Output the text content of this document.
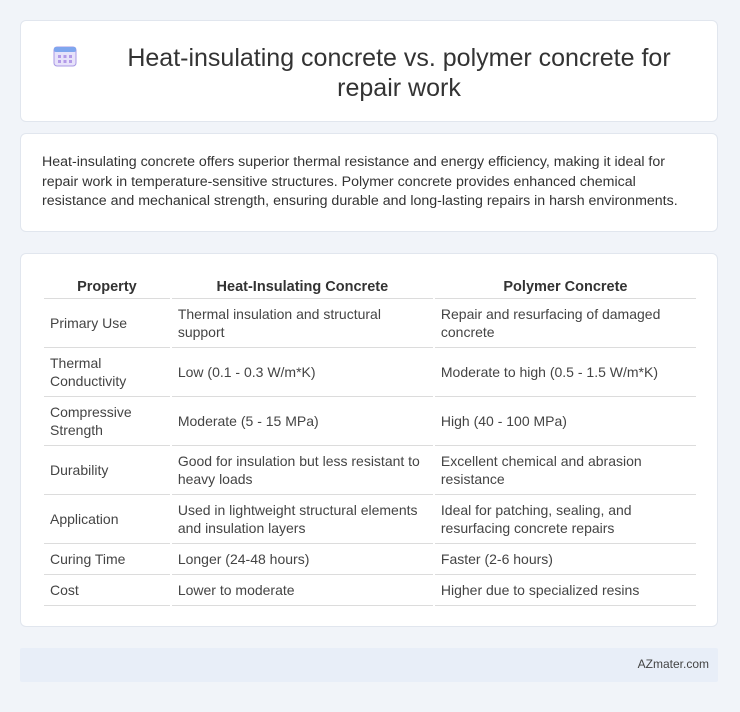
Heat-insulating concrete vs. polymer concrete for repair work

Heat-insulating concrete offers superior thermal resistance and energy efficiency, making it ideal for repair work in temperature-sensitive structures. Polymer concrete provides enhanced chemical resistance and mechanical strength, ensuring durable and long-lasting repairs in harsh environments.

Property	Heat-Insulating Concrete	Polymer Concrete
Primary Use	Thermal insulation and structural support	Repair and resurfacing of damaged concrete
Thermal Conductivity	Low (0.1 - 0.3 W/m*K)	Moderate to high (0.5 - 1.5 W/m*K)
Compressive Strength	Moderate (5 - 15 MPa)	High (40 - 100 MPa)
Durability	Good for insulation but less resistant to heavy loads	Excellent chemical and abrasion resistance
Application	Used in lightweight structural elements and insulation layers	Ideal for patching, sealing, and resurfacing concrete repairs
Curing Time	Longer (24-48 hours)	Faster (2-6 hours)
Cost	Lower to moderate	Higher due to specialized resins
AZmater.com
